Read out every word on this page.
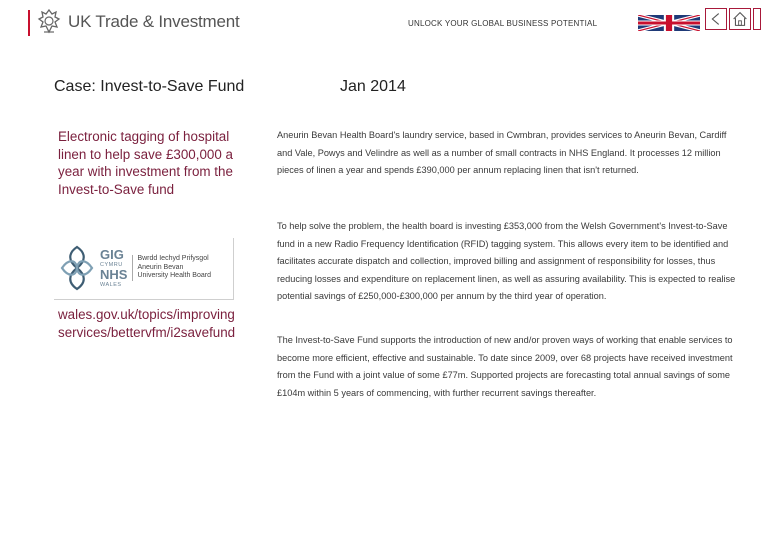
UK Trade & Investment	UNLOCK YOUR GLOBAL BUSINESS POTENTIAL
Case: Invest-to-Save Fund	Jan 2014
Electronic tagging of hospital linen to help save £300,000 a year with investment from the Invest-to-Save fund
GIG
CYMRU
NHS
WALES
Bwrdd Iechyd Prifysgol
Aneurin Bevan
University Health Board
wales.gov.uk/topics/improvingservices/bettervfm/i2savefund
Aneurin Bevan Health Board's laundry service, based in Cwmbran, provides services to Aneurin Bevan, Cardiff and Vale, Powys and Velindre as well as a number of small contracts in NHS England. It processes 12 million pieces of linen a year and spends £390,000 per annum replacing linen that isn't returned.
To help solve the problem, the health board is investing £353,000 from the Welsh Government's Invest-to-Save fund in a new Radio Frequency Identification (RFID) tagging system. This allows every item to be identified and facilitates accurate dispatch and collection, improved billing and assignment of responsibility for losses, thus reducing losses and expenditure on replacement linen, as well as assuring availability. This is expected to realise potential savings of £250,000-£300,000 per annum by the third year of operation.
The Invest-to-Save Fund supports the introduction of new and/or proven ways of working that enable services to become more efficient, effective and sustainable. To date since 2009, over 68 projects have received investment from the Fund with a joint value of some £77m. Supported projects are forecasting total annual savings of some £104m within 5 years of commencing, with further recurrent savings thereafter.
